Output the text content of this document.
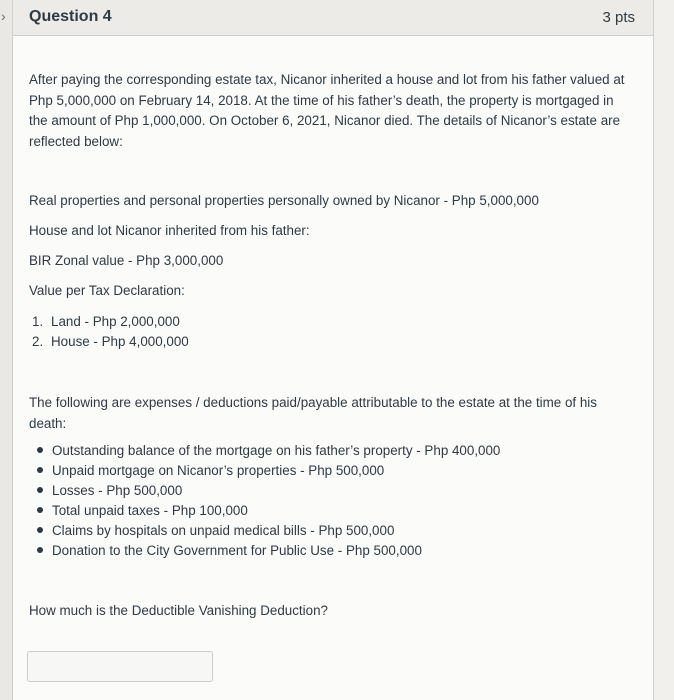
› Question 4	3 pts

After paying the corresponding estate tax, Nicanor inherited a house and lot from his father valued at Php 5,000,000 on February 14, 2018. At the time of his father’s death, the property is mortgaged in the amount of Php 1,000,000. On October 6, 2021, Nicanor died. The details of Nicanor’s estate are reflected below:

Real properties and personal properties personally owned by Nicanor - Php 5,000,000

House and lot Nicanor inherited from his father:

BIR Zonal value - Php 3,000,000

Value per Tax Declaration:

1. Land - Php 2,000,000
2. House - Php 4,000,000

The following are expenses / deductions paid/payable attributable to the estate at the time of his death:

Outstanding balance of the mortgage on his father’s property - Php 400,000
Unpaid mortgage on Nicanor’s properties - Php 500,000
Losses - Php 500,000
Total unpaid taxes - Php 100,000
Claims by hospitals on unpaid medical bills - Php 500,000
Donation to the City Government for Public Use - Php 500,000

How much is the Deductible Vanishing Deduction?
